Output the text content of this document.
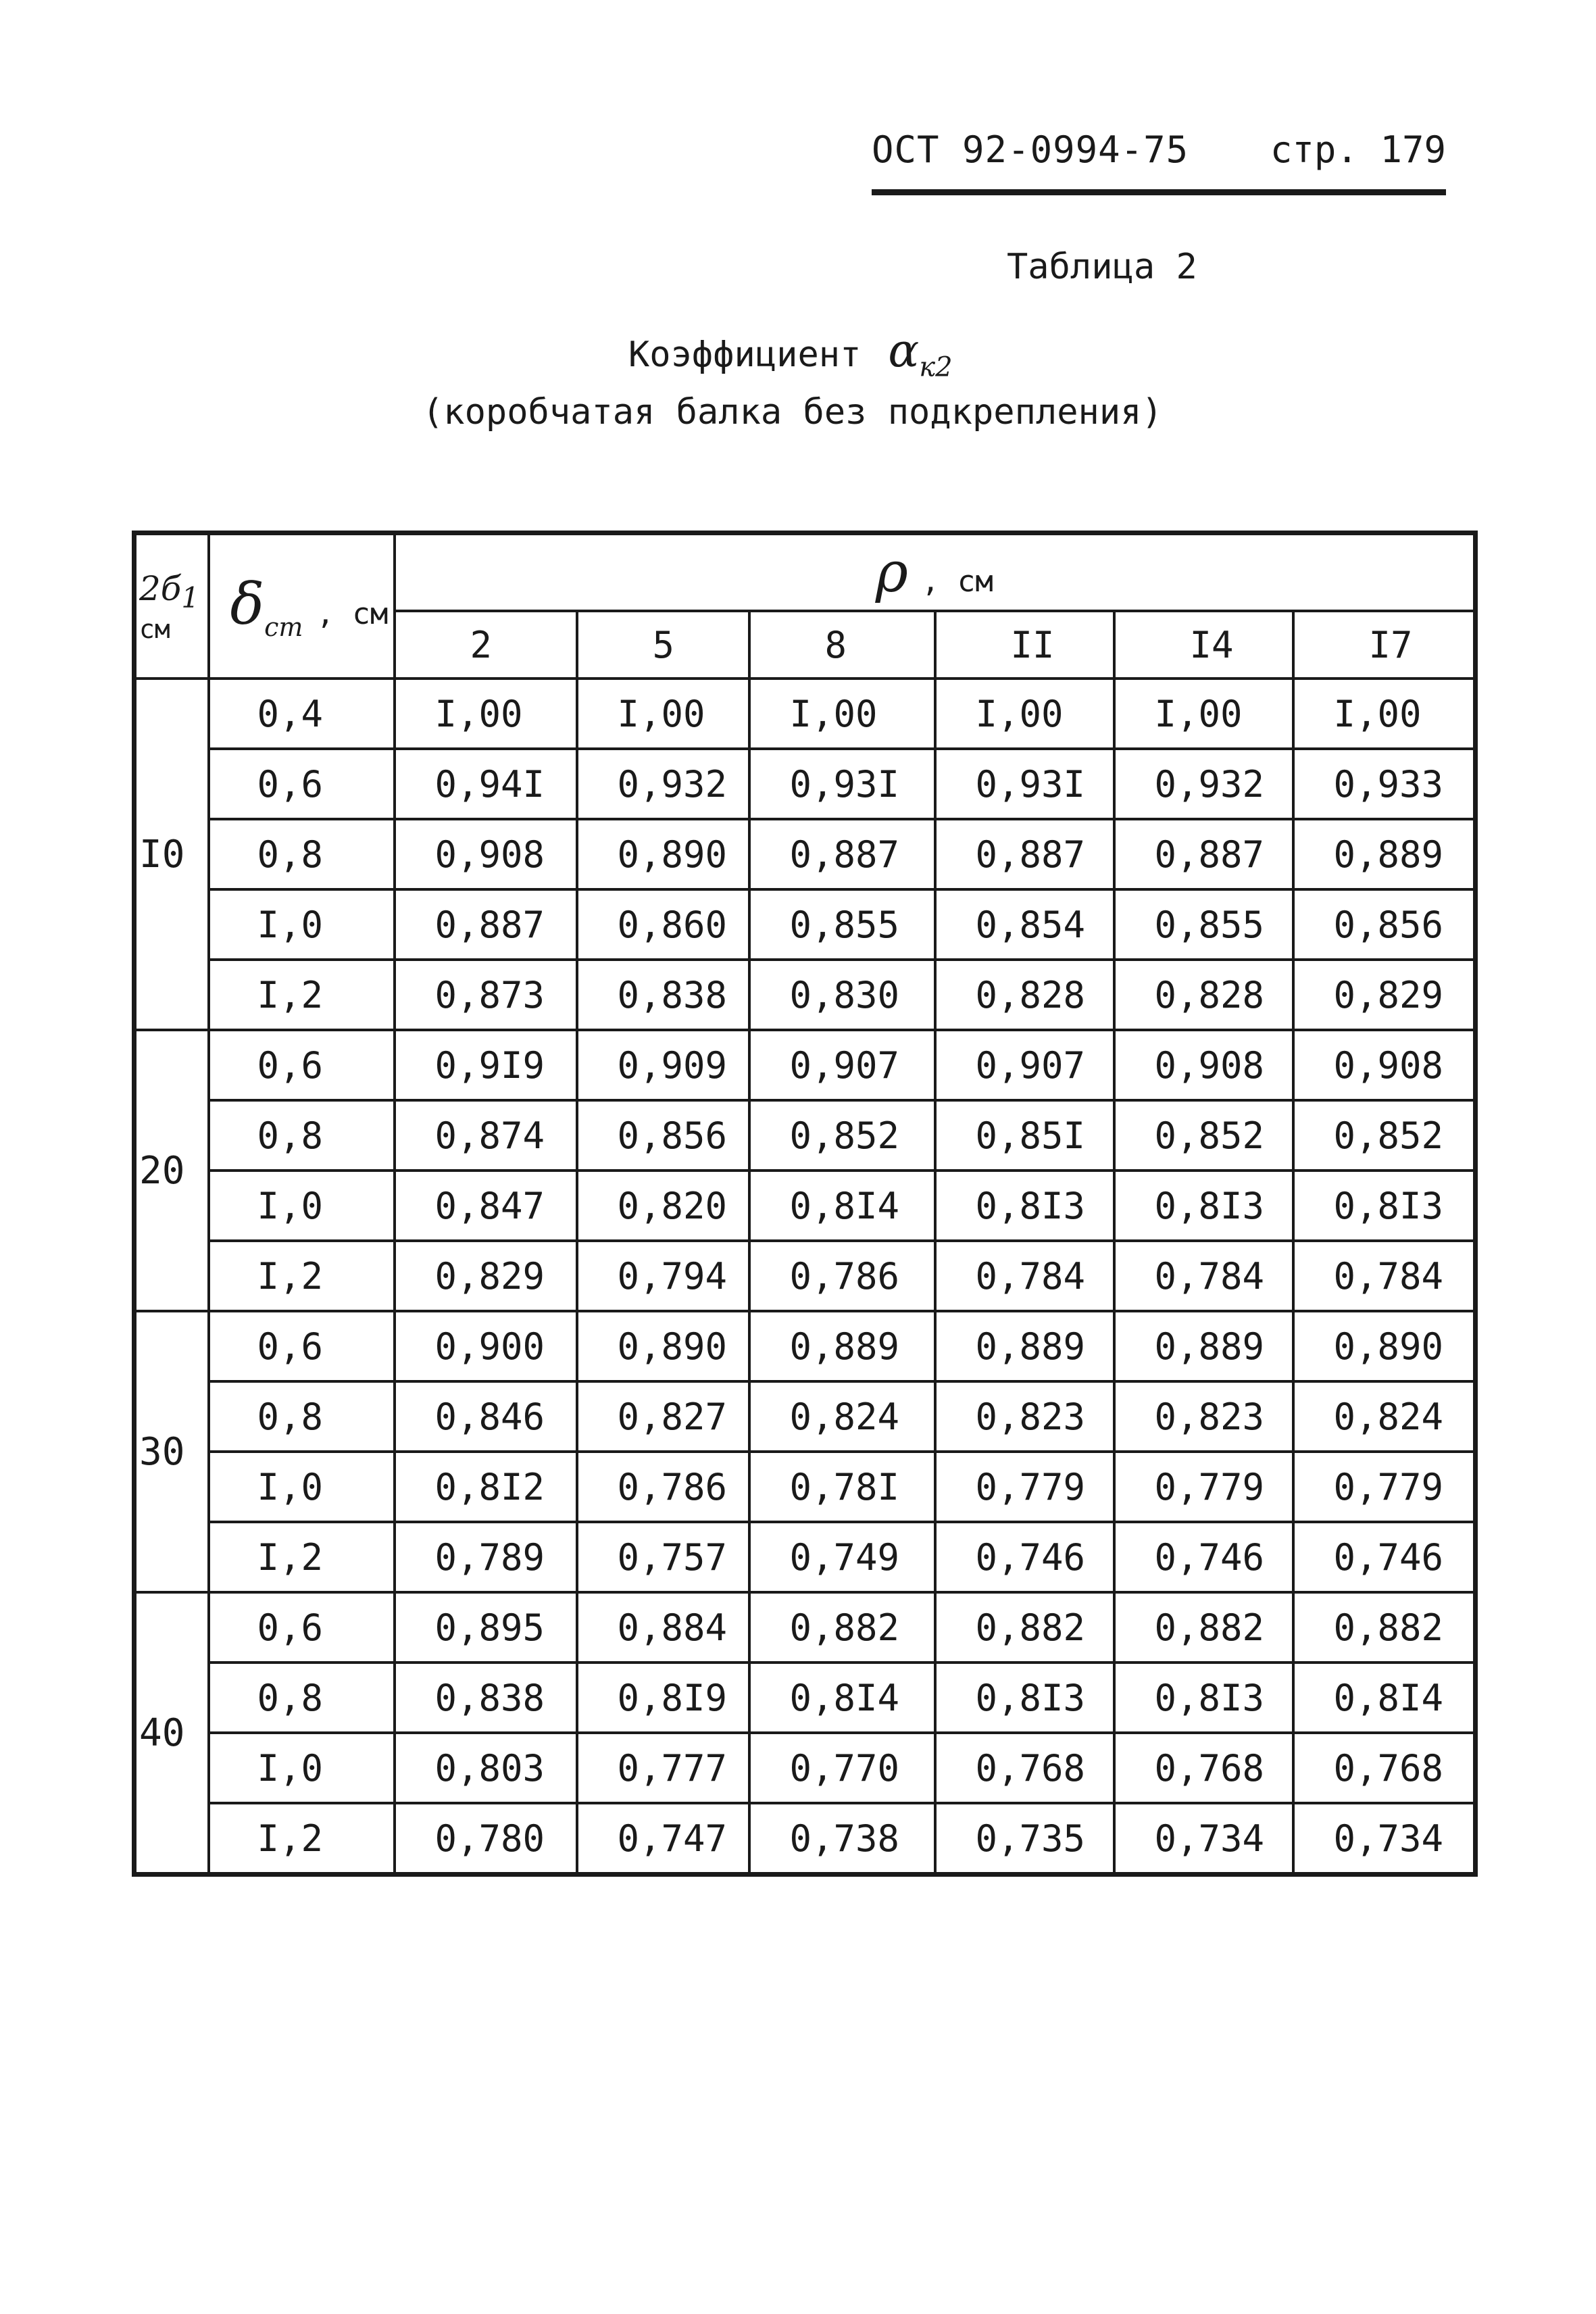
ОСТ 92-0994-75 стр. 179
Таблица 2
Коэффициент $\alpha_{к2}$
(коробчатая балка без подкрепления)
$2б_1$
см	$\delta_{ст}$ , см	ρ , см					
		2	5	8	II	I4	I7
I0	0,4	I,00	I,00	I,00	I,00	I,00	I,00
	0,6	0,94I	0,932	0,93I	0,93I	0,932	0,933
	0,8	0,908	0,890	0,887	0,887	0,887	0,889
	I,0	0,887	0,860	0,855	0,854	0,855	0,856
	I,2	0,873	0,838	0,830	0,828	0,828	0,829
20	0,6	0,9I9	0,909	0,907	0,907	0,908	0,908
	0,8	0,874	0,856	0,852	0,85I	0,852	0,852
	I,0	0,847	0,820	0,8I4	0,8I3	0,8I3	0,8I3
	I,2	0,829	0,794	0,786	0,784	0,784	0,784
30	0,6	0,900	0,890	0,889	0,889	0,889	0,890
	0,8	0,846	0,827	0,824	0,823	0,823	0,824
	I,0	0,8I2	0,786	0,78I	0,779	0,779	0,779
	I,2	0,789	0,757	0,749	0,746	0,746	0,746
40	0,6	0,895	0,884	0,882	0,882	0,882	0,882
	0,8	0,838	0,8I9	0,8I4	0,8I3	0,8I3	0,8I4
	I,0	0,803	0,777	0,770	0,768	0,768	0,768
	I,2	0,780	0,747	0,738	0,735	0,734	0,734
